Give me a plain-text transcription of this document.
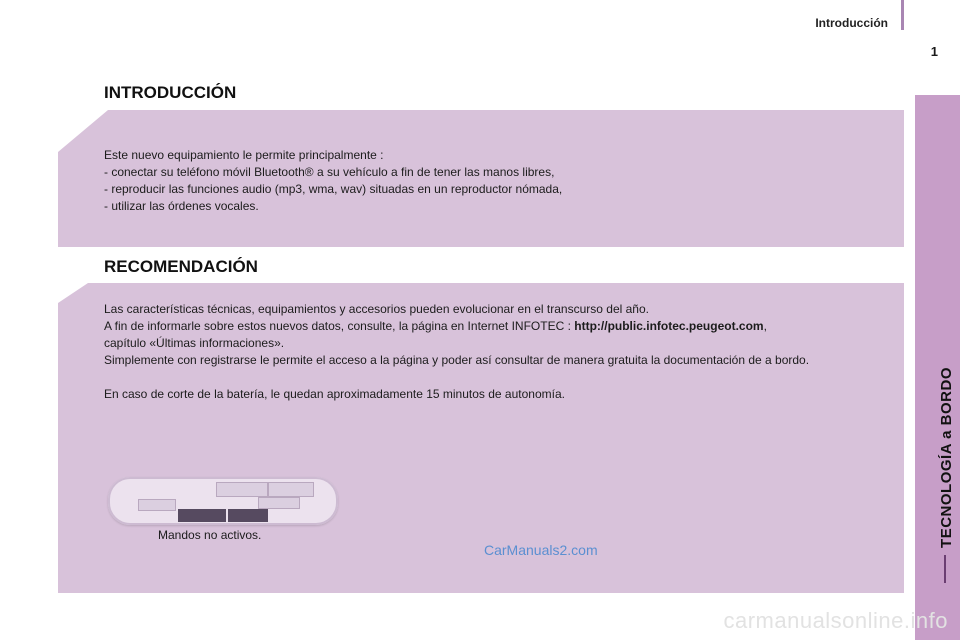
Introducción
1
TECNOLOGÍA a BORDO
INTRODUCCIÓN

Este nuevo equipamiento le permite principalmente :

- conectar su teléfono móvil Bluetooth® a su vehículo a fin de tener las manos libres,

- reproducir las funciones audio (mp3, wma, wav) situadas en un reproductor nómada,

- utilizar las órdenes vocales.

RECOMENDACIÓN

Las características técnicas, equipamientos y accesorios pueden evolucionar en el transcurso del año.

A fin de informarle sobre estos nuevos datos, consulte, la página en Internet INFOTEC : http://public.infotec.peugeot.com,

capítulo «Últimas informaciones».

Simplemente con registrarse le permite el acceso a la página y poder así consultar de manera gratuita la documentación de a bordo.

En caso de corte de la batería, le quedan aproximadamente 15 minutos de autonomía.

Mandos no activos.
CarManuals2.com
carmanualsonline.info
